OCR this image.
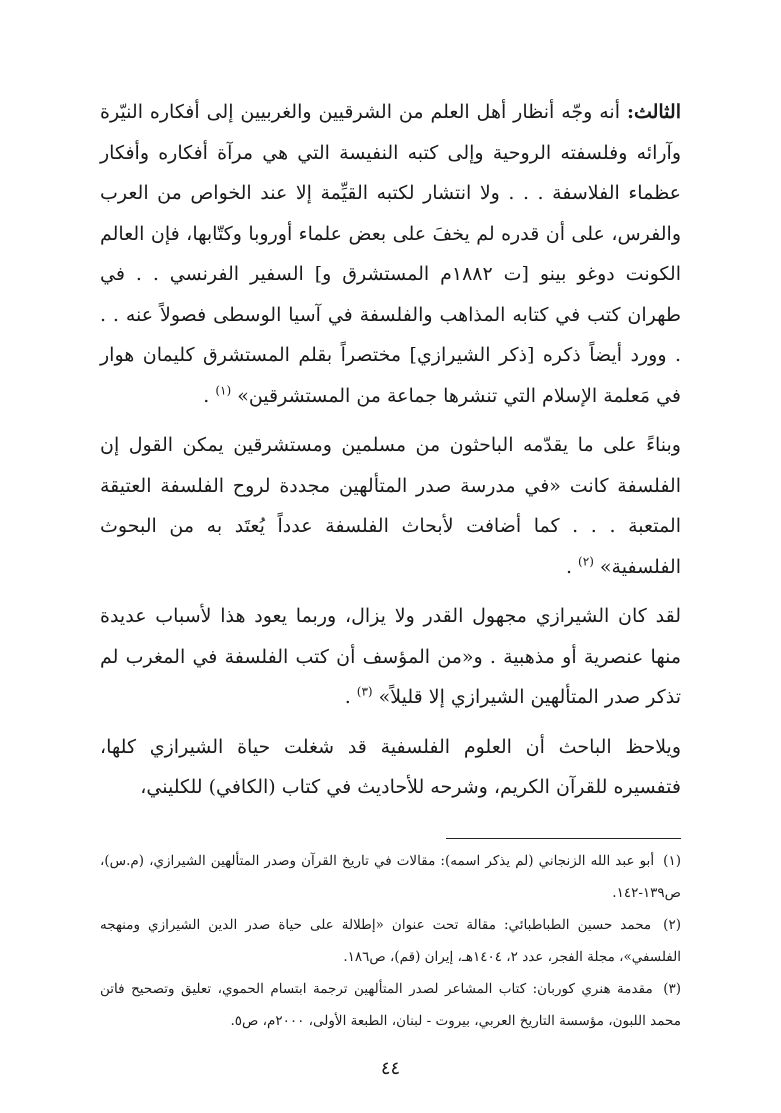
الثالث: أنه وجّه أنظار أهل العلم من الشرقيين والغربيين إلى أفكاره النيّرة وآرائه وفلسفته الروحية وإلى كتبه النفيسة التي هي مرآة أفكاره وأفكار عظماء الفلاسفة . . . ولا انتشار لكتبه القيِّمة إلا عند الخواص من العرب والفرس، على أن قدره لم يخفَ على بعض علماء أوروبا وكتّابها، فإن العالم الكونت دوغو بينو [ت ١٨٨٢م المستشرق و] السفير الفرنسي . . في طهران كتب في كتابه المذاهب والفلسفة في آسيا الوسطى فصولاً عنه . . . وورد أيضاً ذكره [ذكر الشيرازي] مختصراً بقلم المستشرق كليمان هوار في مَعلمة الإسلام التي تنشرها جماعة من المستشرقين» $^{(١)}$ .

وبناءً على ما يقدّمه الباحثون من مسلمين ومستشرقين يمكن القول إن الفلسفة كانت «في مدرسة صدر المتألهين مجددة لروح الفلسفة العتيقة المتعبة . . . كما أضافت لأبحاث الفلسفة عدداً يُعتَد به من البحوث الفلسفية» $^{(٢)}$ .

لقد كان الشيرازي مجهول القدر ولا يزال، وربما يعود هذا لأسباب عديدة منها عنصرية أو مذهبية . و«من المؤسف أن كتب الفلسفة في المغرب لم تذكر صدر المتألهين الشيرازي إلا قليلاً» $^{(٣)}$ .

ويلاحظ الباحث أن العلوم الفلسفية قد شغلت حياة الشيرازي كلها، فتفسيره للقرآن الكريم، وشرحه للأحاديث في كتاب (الكافي) للكليني،

(١) أبو عبد الله الزنجاني (لم يذكر اسمه): مقالات في تاريخ القرآن وصدر المتألهين الشيرازي، (م.س)، ص١٣٩-١٤٢.

(٢) محمد حسين الطباطبائي: مقالة تحت عنوان «إطلالة على حياة صدر الدين الشيرازي ومنهجه الفلسفي»، مجلة الفجر، عدد ٢، ١٤٠٤هـ، إيران (قم)، ص١٨٦.

(٣) مقدمة هنري كوربان: كتاب المشاعر لصدر المتألهين ترجمة ابتسام الحموي، تعليق وتصحيح فاتن محمد اللبون، مؤسسة التاريخ العربي، بيروت - لبنان، الطبعة الأولى، ٢٠٠٠م، ص٥.

٤٤
